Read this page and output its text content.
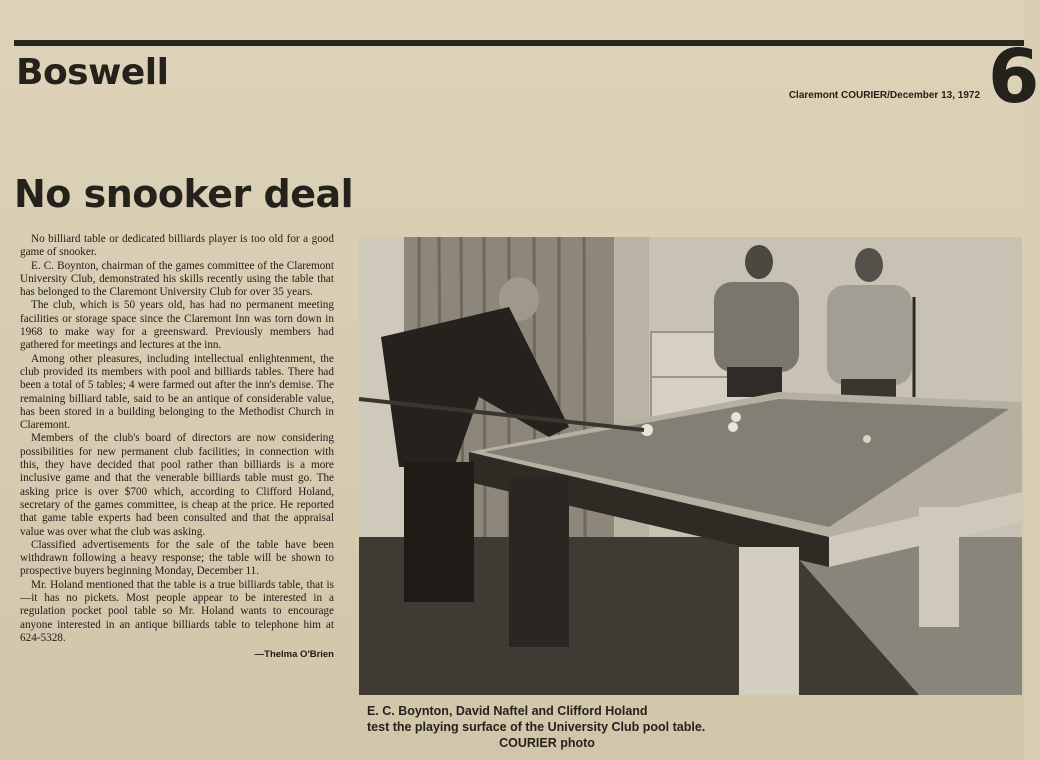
Boswell
Claremont COURIER/December 13, 1972 6
No snooker deal

No billiard table or dedicated billiards player is too old for a good game of snooker.

E. C. Boynton, chairman of the games committee of the Claremont University Club, demonstrated his skills recently using the table that has belonged to the Claremont University Club for over 35 years.

The club, which is 50 years old, has had no permanent meeting facilities or storage space since the Claremont Inn was torn down in 1968 to make way for a greensward. Previously members had gathered for meetings and lectures at the inn.

Among other pleasures, including intellectual enlightenment, the club provided its members with pool and billiards tables. There had been a total of 5 tables; 4 were farmed out after the inn's demise. The remaining billiard table, said to be an antique of considerable value, has been stored in a building belonging to the Methodist Church in Claremont.

Members of the club's board of directors are now considering possibilities for new permanent club facilities; in connection with this, they have decided that pool rather than billiards is a more inclusive game and that the venerable billiards table must go. The asking price is over $700 which, according to Clifford Holand, secretary of the games committee, is cheap at the price. He reported that game table experts had been consulted and that the appraisal value was over what the club was asking.

Classified advertisements for the sale of the table have been withdrawn following a heavy response; the table will be shown to prospective buyers beginning Monday, December 11.

Mr. Holand mentioned that the table is a true billiards table, that is—it has no pickets. Most people appear to be interested in a regulation pocket pool table so Mr. Holand wants to encourage anyone interested in an antique billiards table to telephone him at 624-5328.

—Thelma O'Brien
E. C. Boynton, David Naftel and Clifford Holand
test the playing surface of the University Club pool table.

COURIER photo
